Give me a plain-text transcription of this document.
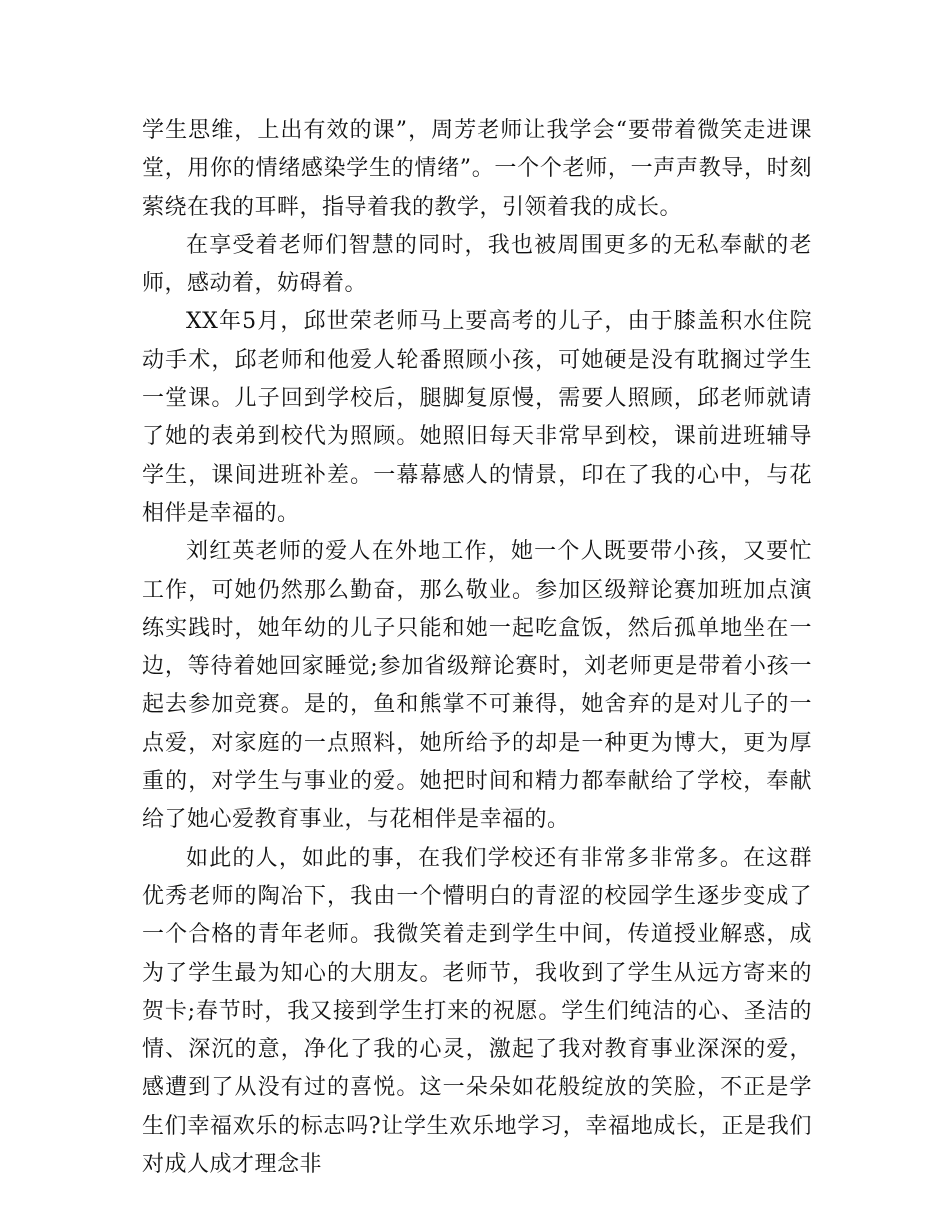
学生思维，上出有效的课”，周芳老师让我学会“要带着微笑走进课堂，用你的情绪感染学生的情绪”。一个个老师，一声声教导，时刻萦绕在我的耳畔，指导着我的教学，引领着我的成长。

在享受着老师们智慧的同时，我也被周围更多的无私奉献的老师，感动着，妨碍着。

XX年5月，邱世荣老师马上要高考的儿子，由于膝盖积水住院动手术，邱老师和他爱人轮番照顾小孩，可她硬是没有耽搁过学生一堂课。儿子回到学校后，腿脚复原慢，需要人照顾，邱老师就请了她的表弟到校代为照顾。她照旧每天非常早到校，课前进班辅导学生，课间进班补差。一幕幕感人的情景，印在了我的心中，与花相伴是幸福的。

刘红英老师的爱人在外地工作，她一个人既要带小孩，又要忙工作，可她仍然那么勤奋，那么敬业。参加区级辩论赛加班加点演练实践时，她年幼的儿子只能和她一起吃盒饭，然后孤单地坐在一边，等待着她回家睡觉;参加省级辩论赛时，刘老师更是带着小孩一起去参加竞赛。是的，鱼和熊掌不可兼得，她舍弃的是对儿子的一点爱，对家庭的一点照料，她所给予的却是一种更为博大，更为厚重的，对学生与事业的爱。她把时间和精力都奉献给了学校，奉献给了她心爱教育事业，与花相伴是幸福的。

如此的人，如此的事，在我们学校还有非常多非常多。在这群优秀老师的陶冶下，我由一个懵明白的青涩的校园学生逐步变成了一个合格的青年老师。我微笑着走到学生中间，传道授业解惑，成为了学生最为知心的大朋友。老师节，我收到了学生从远方寄来的贺卡;春节时，我又接到学生打来的祝愿。学生们纯洁的心、圣洁的情、深沉的意，净化了我的心灵，激起了我对教育事业深深的爱，感遭到了从没有过的喜悦。这一朵朵如花般绽放的笑脸，不正是学生们幸福欢乐的标志吗?让学生欢乐地学习，幸福地成长，正是我们对成人成才理念非
